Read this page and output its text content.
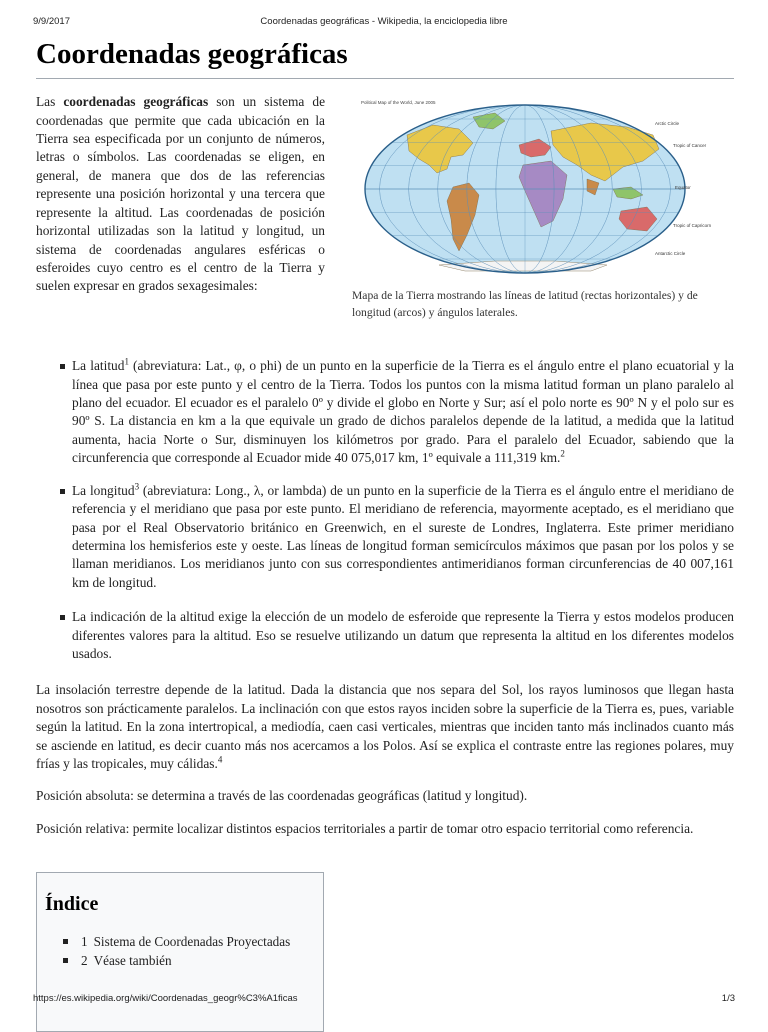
9/9/2017	Coordenadas geográficas - Wikipedia, la enciclopedia libre
Coordenadas geográficas

Las coordenadas geográficas son un sistema de coordenadas que permite que cada ubicación en la Tierra sea especificada por un conjunto de números, letras o símbolos. Las coordenadas se eligen, en general, de manera que dos de las referencias represente una posición horizontal y una tercera que represente la altitud. Las coordenadas de posición horizontal utilizadas son la latitud y longitud, un sistema de coordenadas angulares esféricas o esferoides cuyo centro es el centro de la Tierra y suelen expresar en grados sexagesimales:

Political Map of the World, June 2005
Arctic Circle
Tropic of Cancer
Equator
Tropic of Capricorn
Antarctic Circle
Mapa de la Tierra mostrando las líneas de latitud (rectas horizontales) y de longitud (arcos) y ángulos laterales.
La latitud$^1$ (abreviatura: Lat., φ, o phi) de un punto en la superficie de la Tierra es el ángulo entre el plano ecuatorial y la línea que pasa por este punto y el centro de la Tierra. Todos los puntos con la misma latitud forman un plano paralelo al plano del ecuador. El ecuador es el paralelo 0º y divide el globo en Norte y Sur; así el polo norte es 90º N y el polo sur es 90º S. La distancia en km a la que equivale un grado de dichos paralelos depende de la latitud, a medida que la latitud aumenta, hacia Norte o Sur, disminuyen los kilómetros por grado. Para el paralelo del Ecuador, sabiendo que la circunferencia que corresponde al Ecuador mide 40 075,017 km, 1º equivale a 111,319 km.$^2$
La longitud$^3$ (abreviatura: Long., λ, or lambda) de un punto en la superficie de la Tierra es el ángulo entre el meridiano de referencia y el meridiano que pasa por este punto. El meridiano de referencia, mayormente aceptado, es el meridiano que pasa por el Real Observatorio británico en Greenwich, en el sureste de Londres, Inglaterra. Este primer meridiano determina los hemisferios este y oeste. Las líneas de longitud forman semicírculos máximos que pasan por los polos y se llaman meridianos. Los meridianos junto con sus correspondientes antimeridianos forman circunferencias de 40 007,161 km de longitud.
La indicación de la altitud exige la elección de un modelo de esferoide que represente la Tierra y estos modelos producen diferentes valores para la altitud. Eso se resuelve utilizando un datum que representa la altitud en los diferentes modelos usados.

La insolación terrestre depende de la latitud. Dada la distancia que nos separa del Sol, los rayos luminosos que llegan hasta nosotros son prácticamente paralelos. La inclinación con que estos rayos inciden sobre la superficie de la Tierra es, pues, variable según la latitud. En la zona intertropical, a mediodía, caen casi verticales, mientras que inciden tanto más inclinados cuanto más se asciende en latitud, es decir cuanto más nos acercamos a los Polos. Así se explica el contraste entre las regiones polares, muy frías y las tropicales, muy cálidas.$^4$

Posición absoluta: se determina a través de las coordenadas geográficas (latitud y longitud).

Posición relativa: permite localizar distintos espacios territoriales a partir de tomar otro espacio territorial como referencia.

Índice
1 Sistema de Coordenadas Proyectadas
2 Véase también
https://es.wikipedia.org/wiki/Coordenadas_geogr%C3%A1ficas	1/3
